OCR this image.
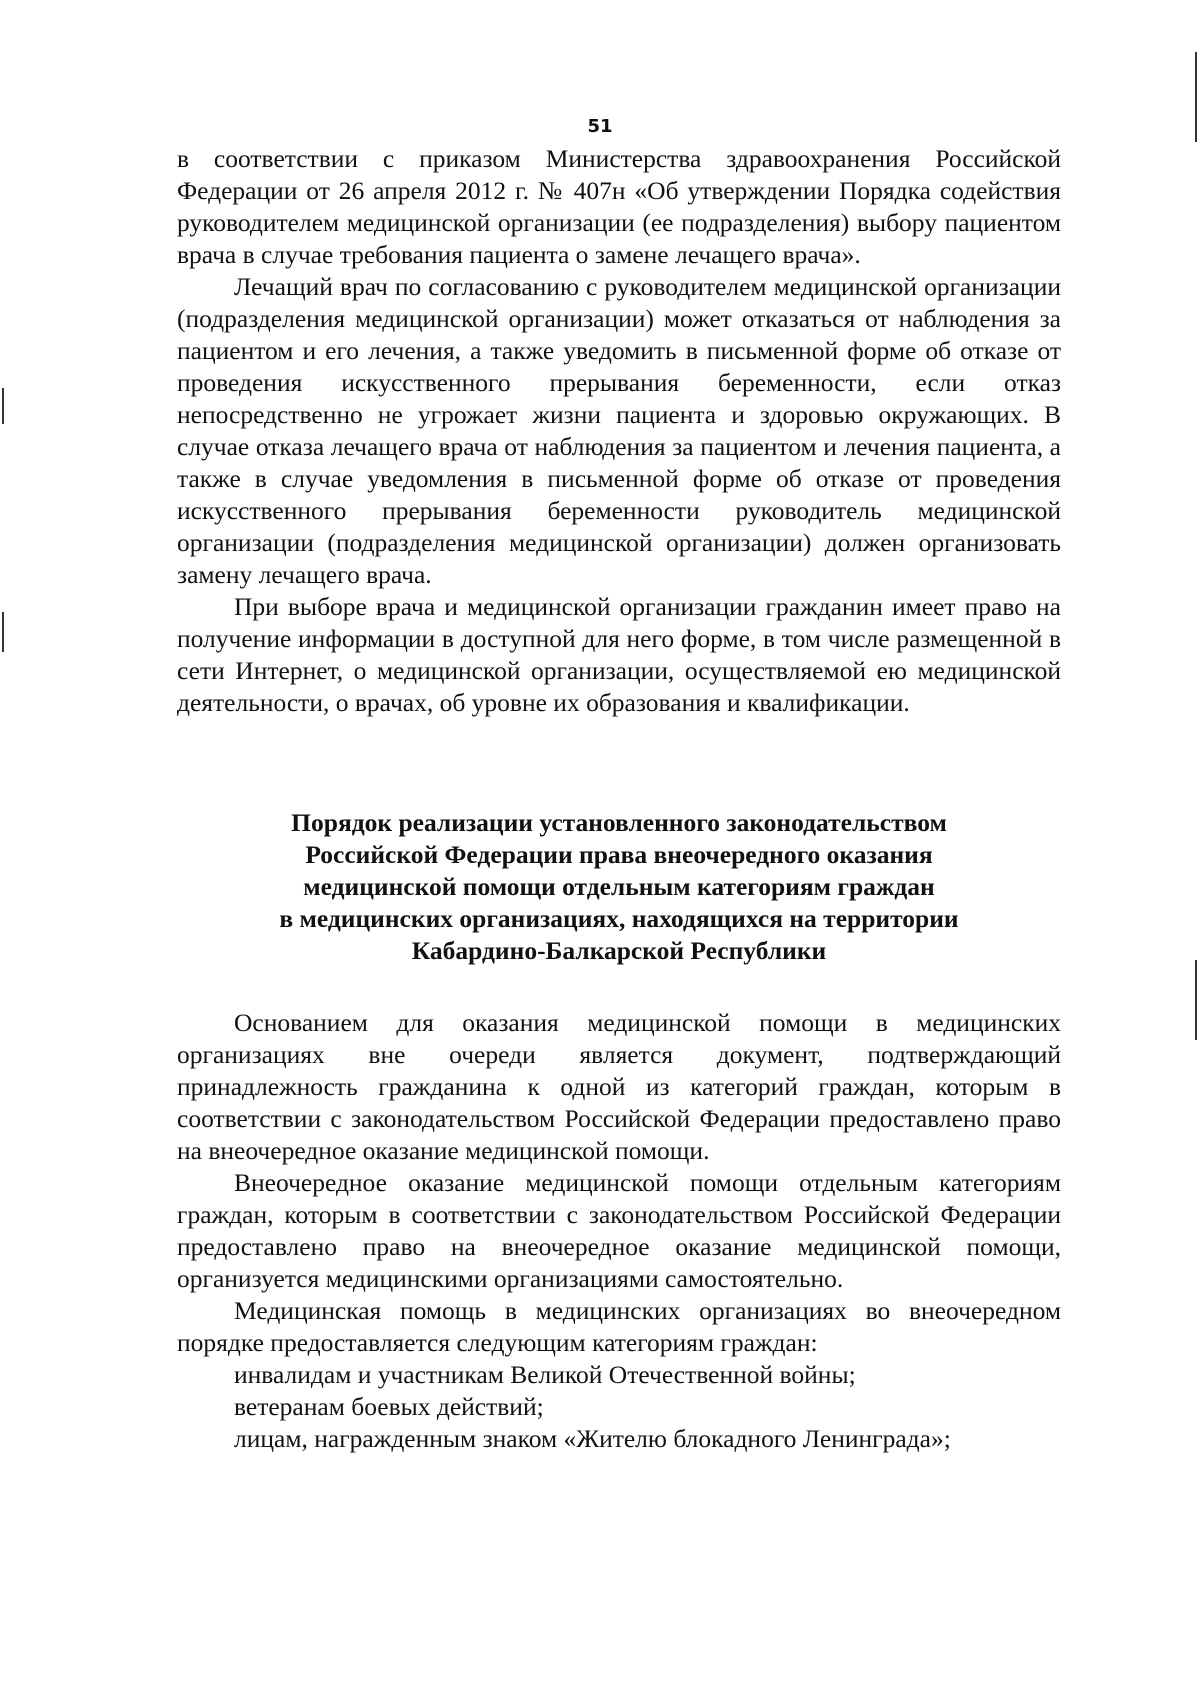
51

в соответствии с приказом Министерства здравоохранения Российской Федерации от 26 апреля 2012 г. № 407н «Об утверждении Порядка содействия руководителем медицинской организации (ее подразделения) выбору пациентом врача в случае требования пациента о замене лечащего врача».

Лечащий врач по согласованию с руководителем медицинской организации (подразделения медицинской организации) может отказаться от наблюдения за пациентом и его лечения, а также уведомить в письменной форме об отказе от проведения искусственного прерывания беременности, если отказ непосредственно не угрожает жизни пациента и здоровью окружающих. В случае отказа лечащего врача от наблюдения за пациентом и лечения пациента, а также в случае уведомления в письменной форме об отказе от проведения искусственного прерывания беременности руководитель медицинской организации (подразделения медицинской организации) должен организовать замену лечащего врача.

При выборе врача и медицинской организации гражданин имеет право на получение информации в доступной для него форме, в том числе размещенной в сети Интернет, о медицинской организации, осуществляемой ею медицинской деятельности, о врачах, об уровне их образования и квалификации.

Порядок реализации установленного законодательством
Российской Федерации права внеочередного оказания
медицинской помощи отдельным категориям граждан
в медицинских организациях, находящихся на территории
Кабардино-Балкарской Республики

Основанием для оказания медицинской помощи в медицинских организациях вне очереди является документ, подтверждающий принадлежность гражданина к одной из категорий граждан, которым в соответствии с законодательством Российской Федерации предоставлено право на внеочередное оказание медицинской помощи.

Внеочередное оказание медицинской помощи отдельным категориям граждан, которым в соответствии с законодательством Российской Федерации предоставлено право на внеочередное оказание медицинской помощи, организуется медицинскими организациями самостоятельно.

Медицинская помощь в медицинских организациях во внеочередном порядке предоставляется следующим категориям граждан:

инвалидам и участникам Великой Отечественной войны;

ветеранам боевых действий;

лицам, награжденным знаком «Жителю блокадного Ленинграда»;
